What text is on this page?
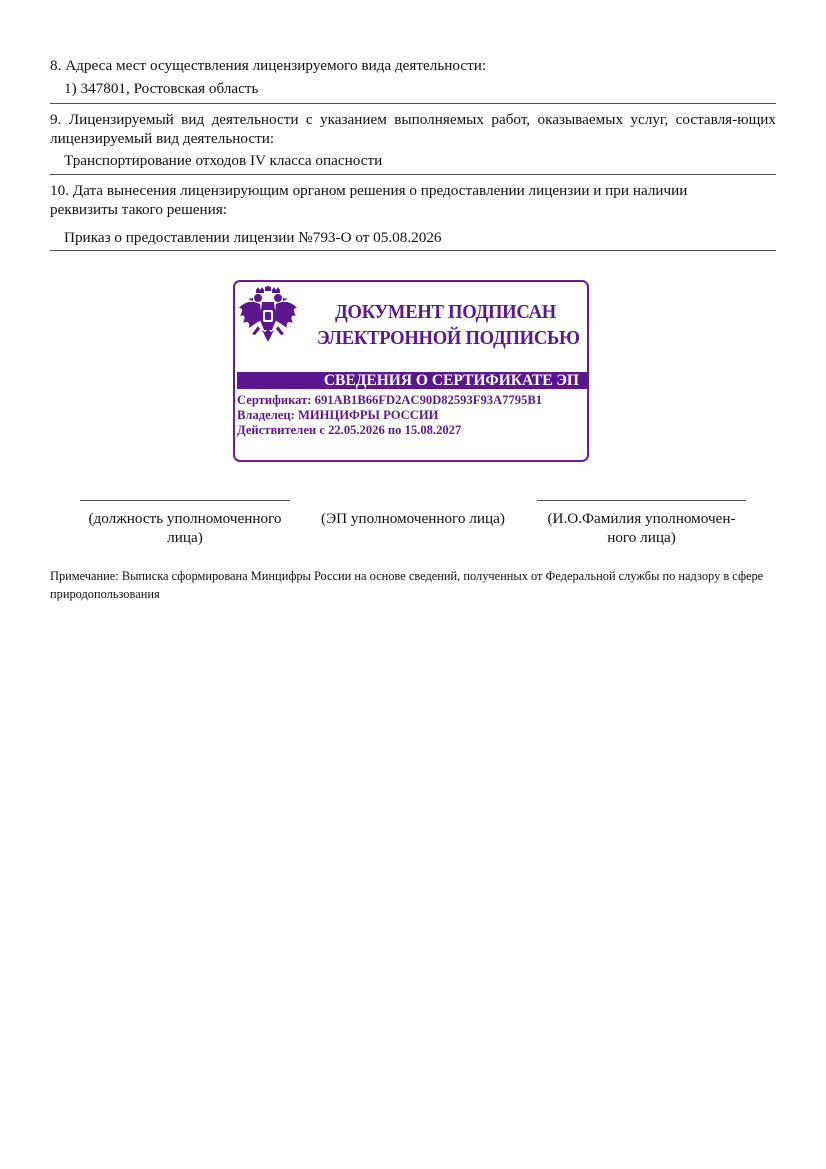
8. Адреса мест осуществления лицензируемого вида деятельности:
1) 347801, Ростовская область
9. Лицензируемый вид деятельности с указанием выполняемых работ, оказываемых услуг, составля-ющих лицензируемый вид деятельности:
Транспортирование отходов IV класса опасности
10. Дата вынесения лицензирующим органом решения о предоставлении лицензии и при наличии реквизиты такого решения:
Приказ о предоставлении лицензии №793-О от 05.08.2026
ДОКУМЕНТ ПОДПИСАН
ЭЛЕКТРОННОЙ ПОДПИСЬЮ
СВЕДЕНИЯ О СЕРТИФИКАТЕ ЭП
Сертификат: 691AB1B66FD2AC90D82593F93A7795B1
Владелец: МИНЦИФРЫ РОССИИ
Действителен с 22.05.2026 по 15.08.2027
(должность уполномоченного лица)
(ЭП уполномоченного лица)	(И.О.Фамилия уполномочен-ного лица)
Примечание: Выписка сформирована Минцифры России на основе сведений, полученных от Федеральной службы по надзору в сфере природопользования
